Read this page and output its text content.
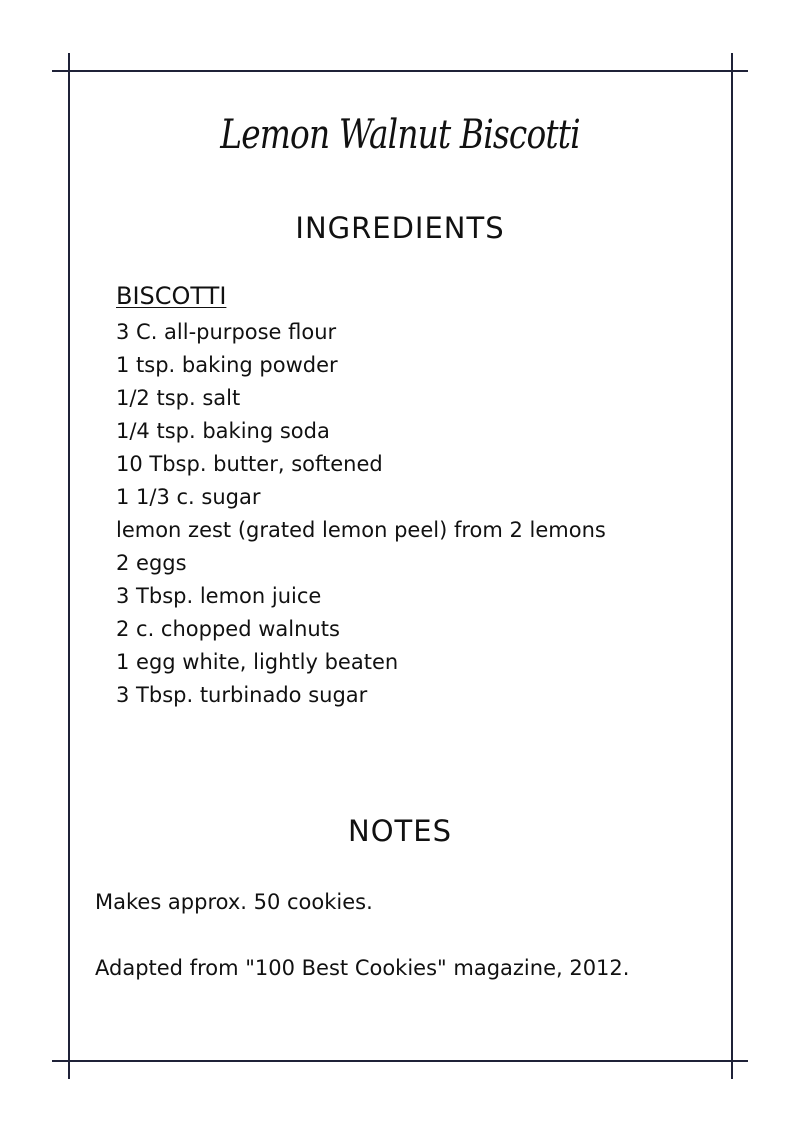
Lemon Walnut Biscotti
INGREDIENTS
BISCOTTI
3 C. all-purpose flour
1 tsp. baking powder
1/2 tsp. salt
1/4 tsp. baking soda
10 Tbsp. butter, softened
1 1/3 c. sugar
lemon zest (grated lemon peel) from 2 lemons
2 eggs
3 Tbsp. lemon juice
2 c. chopped walnuts
1 egg white, lightly beaten
3 Tbsp. turbinado sugar
NOTES
Makes approx. 50 cookies.
Adapted from "100 Best Cookies" magazine, 2012.
